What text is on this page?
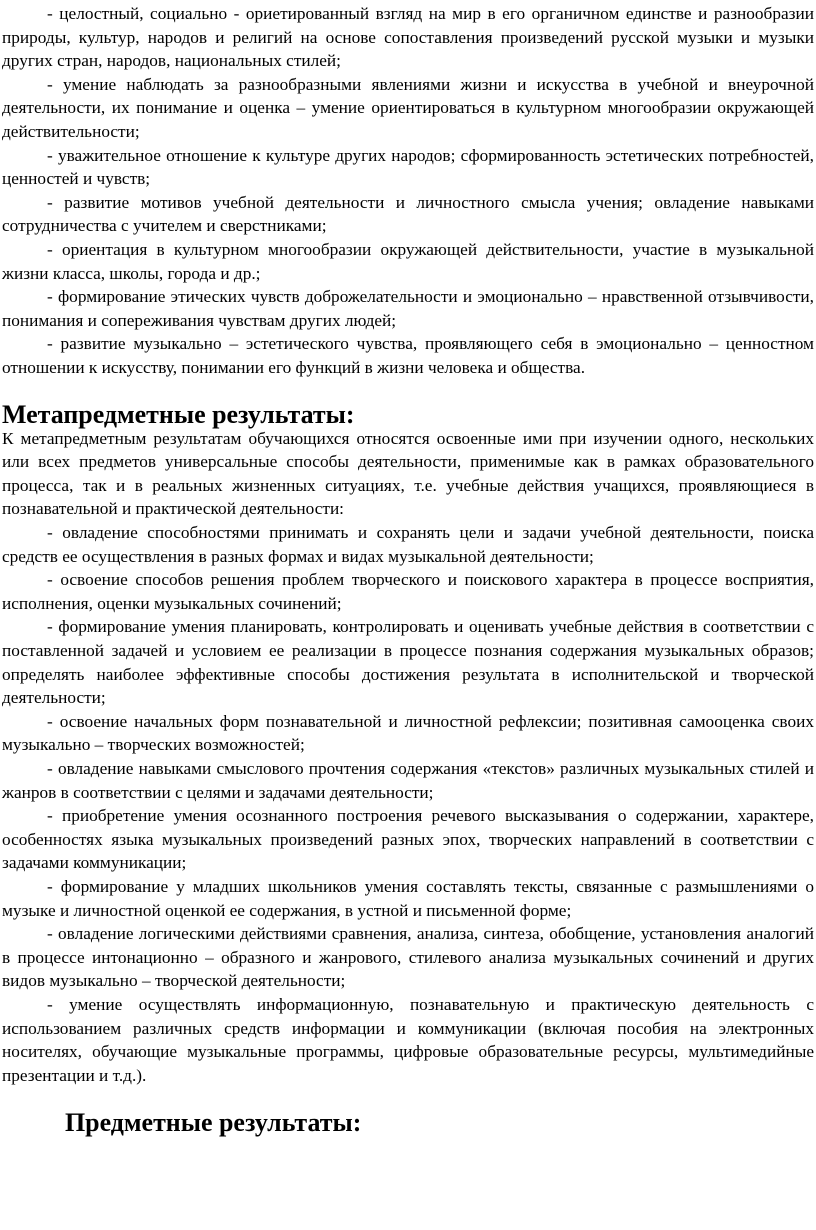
- целостный, социально - ориетированный взгляд на мир в его органичном единстве и разнообразии природы, культур, народов и религий на основе сопоставления произведений русской музыки и музыки других стран, народов, национальных стилей;

- умение наблюдать за разнообразными явлениями жизни и искусства в учебной и внеурочной деятельности, их понимание и оценка – умение ориентироваться в культурном многообразии окружающей действительности;

- уважительное отношение к культуре других народов; сформированность эстетических потребностей, ценностей и чувств;

- развитие мотивов учебной деятельности и личностного смысла учения; овладение навыками сотрудничества с учителем и сверстниками;

- ориентация в культурном многообразии окружающей действительности, участие в музыкальной жизни класса, школы, города и др.;

- формирование этических чувств доброжелательности и эмоционально – нравственной отзывчивости, понимания и сопереживания чувствам других людей;

- развитие музыкально – эстетического чувства, проявляющего себя в эмоционально – ценностном отношении к искусству, понимании его функций в жизни человека и общества.

Метапредметные результаты:

К метапредметным результатам обучающихся относятся освоенные ими при изучении одного, нескольких или всех предметов универсальные способы деятельности, применимые как в рамках образовательного процесса, так и в реальных жизненных ситуациях, т.е. учебные действия учащихся, проявляющиеся в познавательной и практической деятельности:

- овладение способностями принимать и сохранять цели и задачи учебной деятельности, поиска средств ее осуществления в разных формах и видах музыкальной деятельности;

- освоение способов решения проблем творческого и поискового характера в процессе восприятия, исполнения, оценки музыкальных сочинений;

- формирование умения планировать, контролировать и оценивать учебные действия в соответствии с поставленной задачей и условием ее реализации в процессе познания содержания музыкальных образов; определять наиболее эффективные способы достижения результата в исполнительской и творческой деятельности;

- освоение начальных форм познавательной и личностной рефлексии; позитивная самооценка своих музыкально – творческих возможностей;

- овладение навыками смыслового прочтения содержания «текстов» различных музыкальных стилей и жанров в соответствии с целями и задачами деятельности;

- приобретение умения осознанного построения речевого высказывания о содержании, характере, особенностях языка музыкальных произведений разных эпох, творческих направлений в соответствии с задачами коммуникации;

- формирование у младших школьников умения составлять тексты, связанные с размышлениями о музыке и личностной оценкой ее содержания, в устной и письменной форме;

- овладение логическими действиями сравнения, анализа, синтеза, обобщение, установления аналогий в процессе интонационно – образного и жанрового, стилевого анализа музыкальных сочинений и других видов музыкально – творческой деятельности;

- умение осуществлять информационную, познавательную и практическую деятельность с использованием различных средств информации и коммуникации (включая пособия на электронных носителях, обучающие музыкальные программы, цифровые образовательные ресурсы, мультимедийные презентации и т.д.).

Предметные результаты:
